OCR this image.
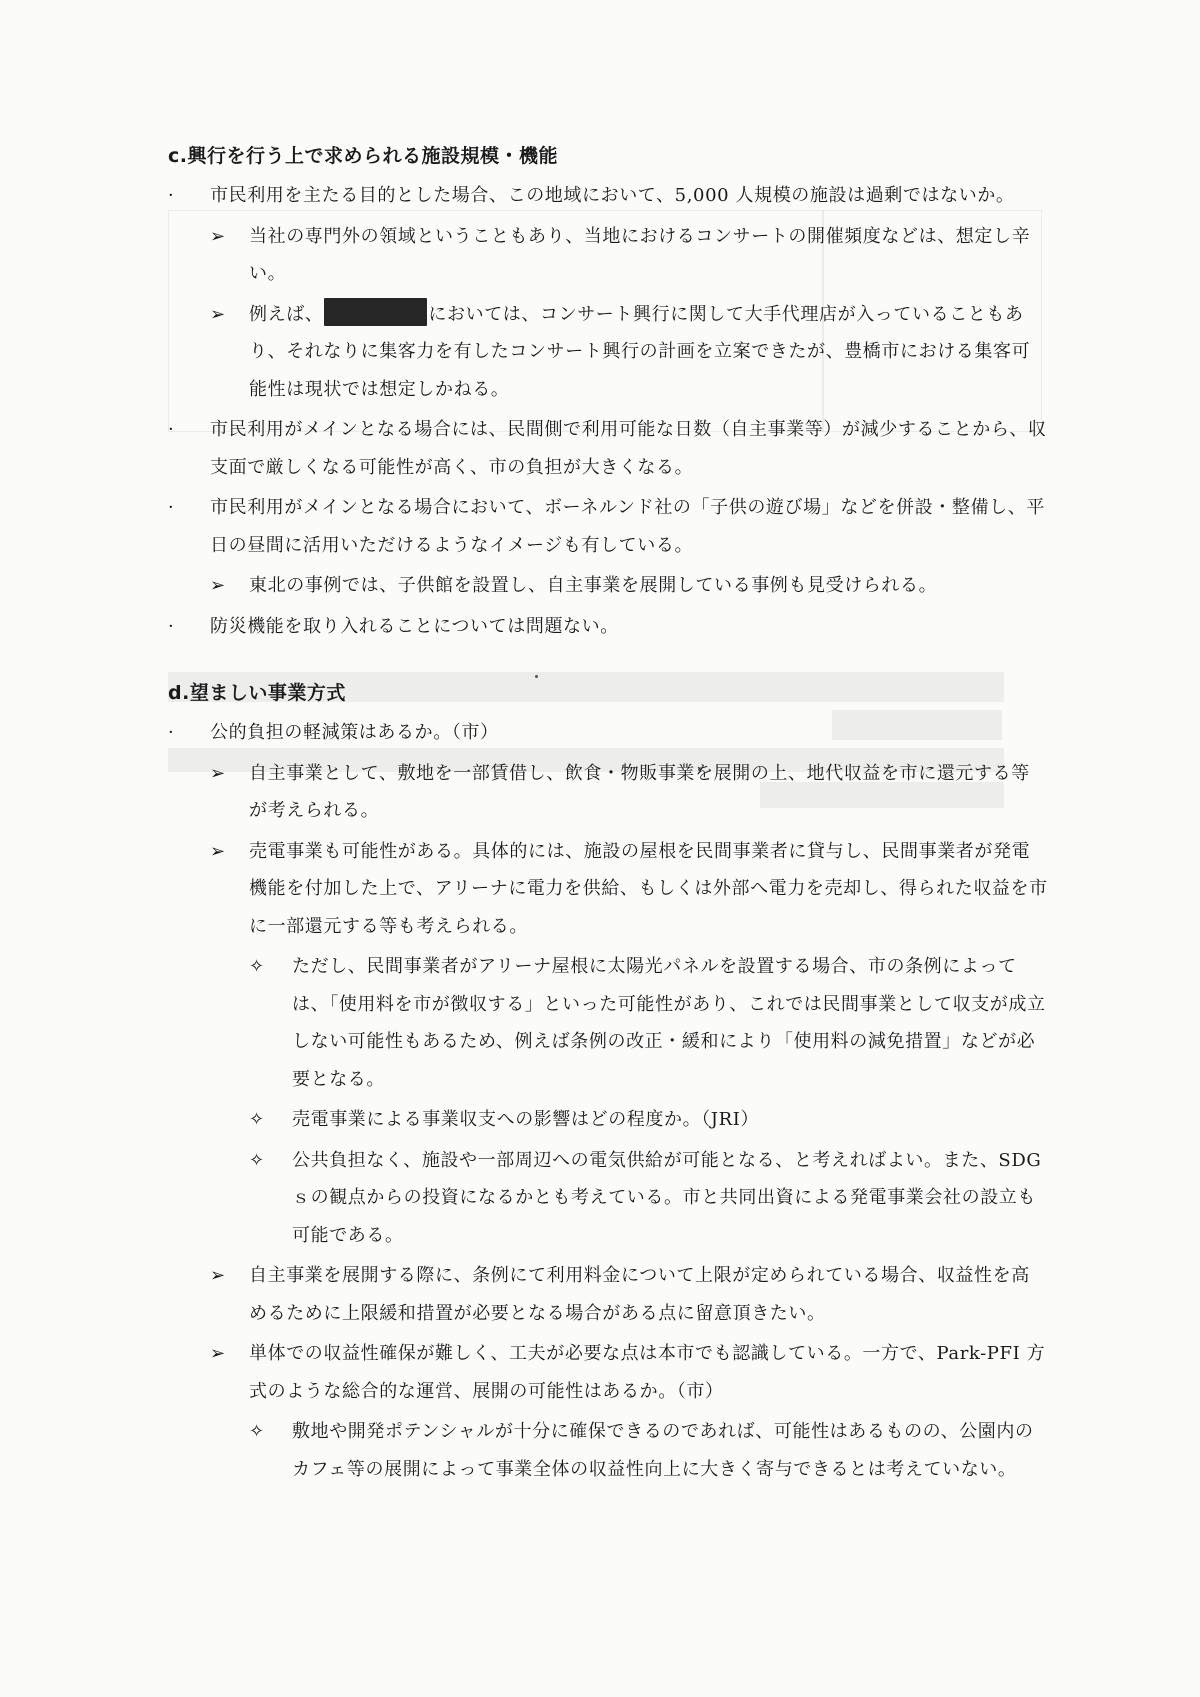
c.興行を行う上で求められる施設規模・機能

· 市民利用を主たる目的とした場合、この地域において、5,000 人規模の施設は過剰ではないか。

➢ 当社の専門外の領域ということもあり、当地におけるコンサートの開催頻度などは、想定し辛い。

➢ 例えば、	においては、コンサート興行に関して大手代理店が入っていることもあり、それなりに集客力を有したコンサート興行の計画を立案できたが、豊橋市における集客可能性は現状では想定しかねる。

· 市民利用がメインとなる場合には、民間側で利用可能な日数（自主事業等）が減少することから、収支面で厳しくなる可能性が高く、市の負担が大きくなる。

· 市民利用がメインとなる場合において、ボーネルンド社の「子供の遊び場」などを併設・整備し、平日の昼間に活用いただけるようなイメージも有している。

➢ 東北の事例では、子供館を設置し、自主事業を展開している事例も見受けられる。

· 防災機能を取り入れることについては問題ない。

d.望ましい事業方式

· 公的負担の軽減策はあるか。（市）

➢ 自主事業として、敷地を一部賃借し、飲食・物販事業を展開の上、地代収益を市に還元する等が考えられる。

➢ 売電事業も可能性がある。具体的には、施設の屋根を民間事業者に貸与し、民間事業者が発電機能を付加した上で、アリーナに電力を供給、もしくは外部へ電力を売却し、得られた収益を市に一部還元する等も考えられる。

✧ ただし、民間事業者がアリーナ屋根に太陽光パネルを設置する場合、市の条例によっては、「使用料を市が徴収する」といった可能性があり、これでは民間事業として収支が成立しない可能性もあるため、例えば条例の改正・緩和により「使用料の減免措置」などが必要となる。

✧ 売電事業による事業収支への影響はどの程度か。（JRI）

✧ 公共負担なく、施設や一部周辺への電気供給が可能となる、と考えればよい。また、SDGｓの観点からの投資になるかとも考えている。市と共同出資による発電事業会社の設立も可能である。

➢ 自主事業を展開する際に、条例にて利用料金について上限が定められている場合、収益性を高めるために上限緩和措置が必要となる場合がある点に留意頂きたい。

➢ 単体での収益性確保が難しく、工夫が必要な点は本市でも認識している。一方で、Park-PFI 方式のような総合的な運営、展開の可能性はあるか。（市）

✧ 敷地や開発ポテンシャルが十分に確保できるのであれば、可能性はあるものの、公園内のカフェ等の展開によって事業全体の収益性向上に大きく寄与できるとは考えていない。
